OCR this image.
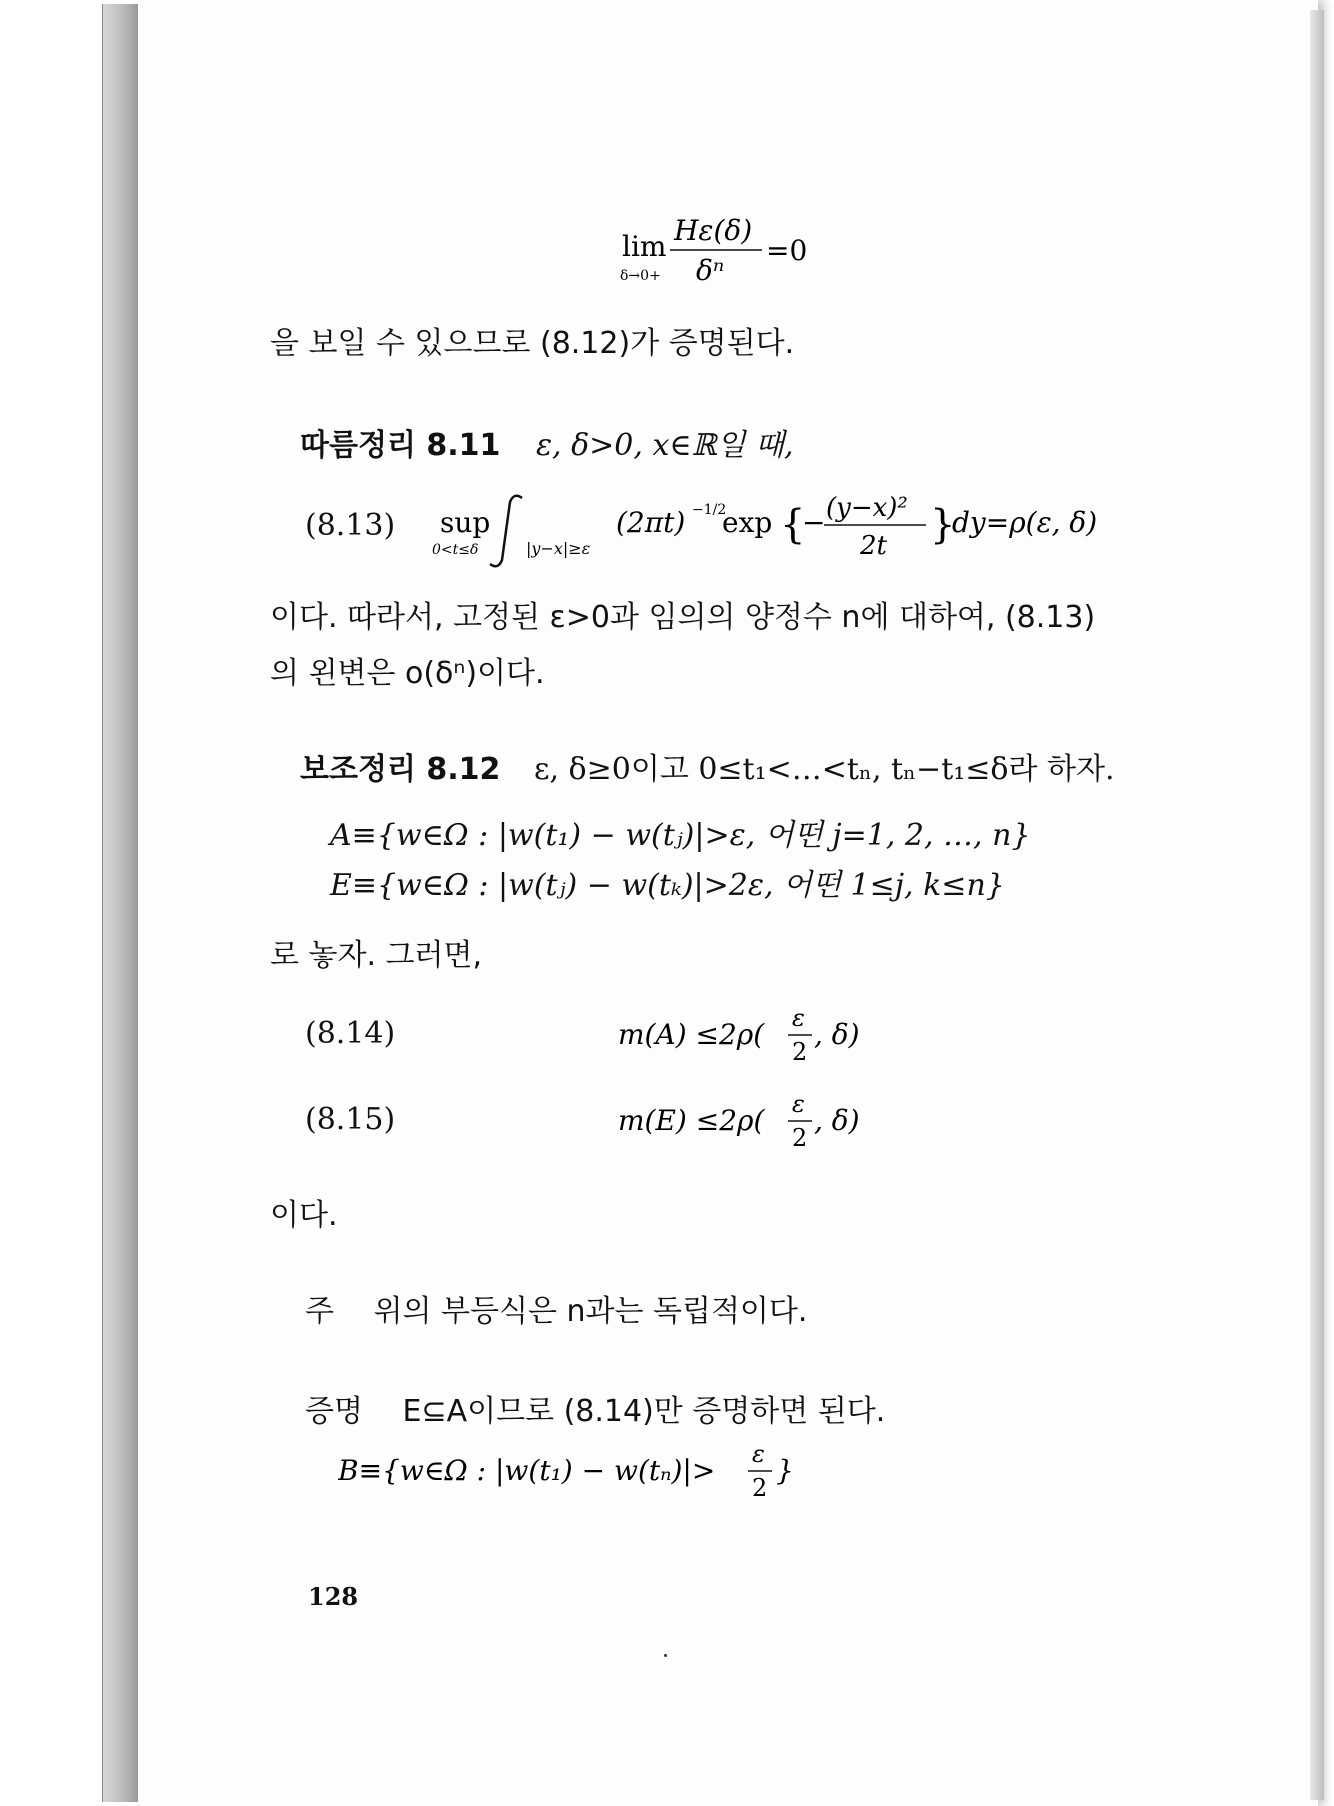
lim
δ→0+
Hε(δ)
δⁿ
=0
을 보일 수 있으므로 (8.12)가 증명된다.
따름정리 8.11 ε, δ>0, x∈ℝ일 때,
(8.13) sup
0<t≤δ	|y−x|≥ε
(2πt) −1/2
exp {
− (y−x)²
2t }
dy=ρ(ε, δ)
이다. 따라서, 고정된 ε>0과 임의의 양정수 n에 대하여, (8.13)
의 왼변은 o(δⁿ)이다.
보조정리 8.12 ε, δ≥0이고 0≤t₁<…<tₙ, tₙ−t₁≤δ라 하자.
A≡{w∈Ω : |w(t₁) − w(tⱼ)|>ε, 어떤 j=1, 2, …, n}
E≡{w∈Ω : |w(tⱼ) − w(tₖ)|>2ε, 어떤 1≤j, k≤n}
로 놓자. 그러면,
(8.14)	m(A) ≤2ρ( ε
2
, δ)
(8.15)	m(E) ≤2ρ( ε
2
, δ)
이다.
주 위의 부등식은 n과는 독립적이다.
증명 E⊆A이므로 (8.14)만 증명하면 된다.
B≡{w∈Ω : |w(t₁) − w(tₙ)|> ε
2
}
128
